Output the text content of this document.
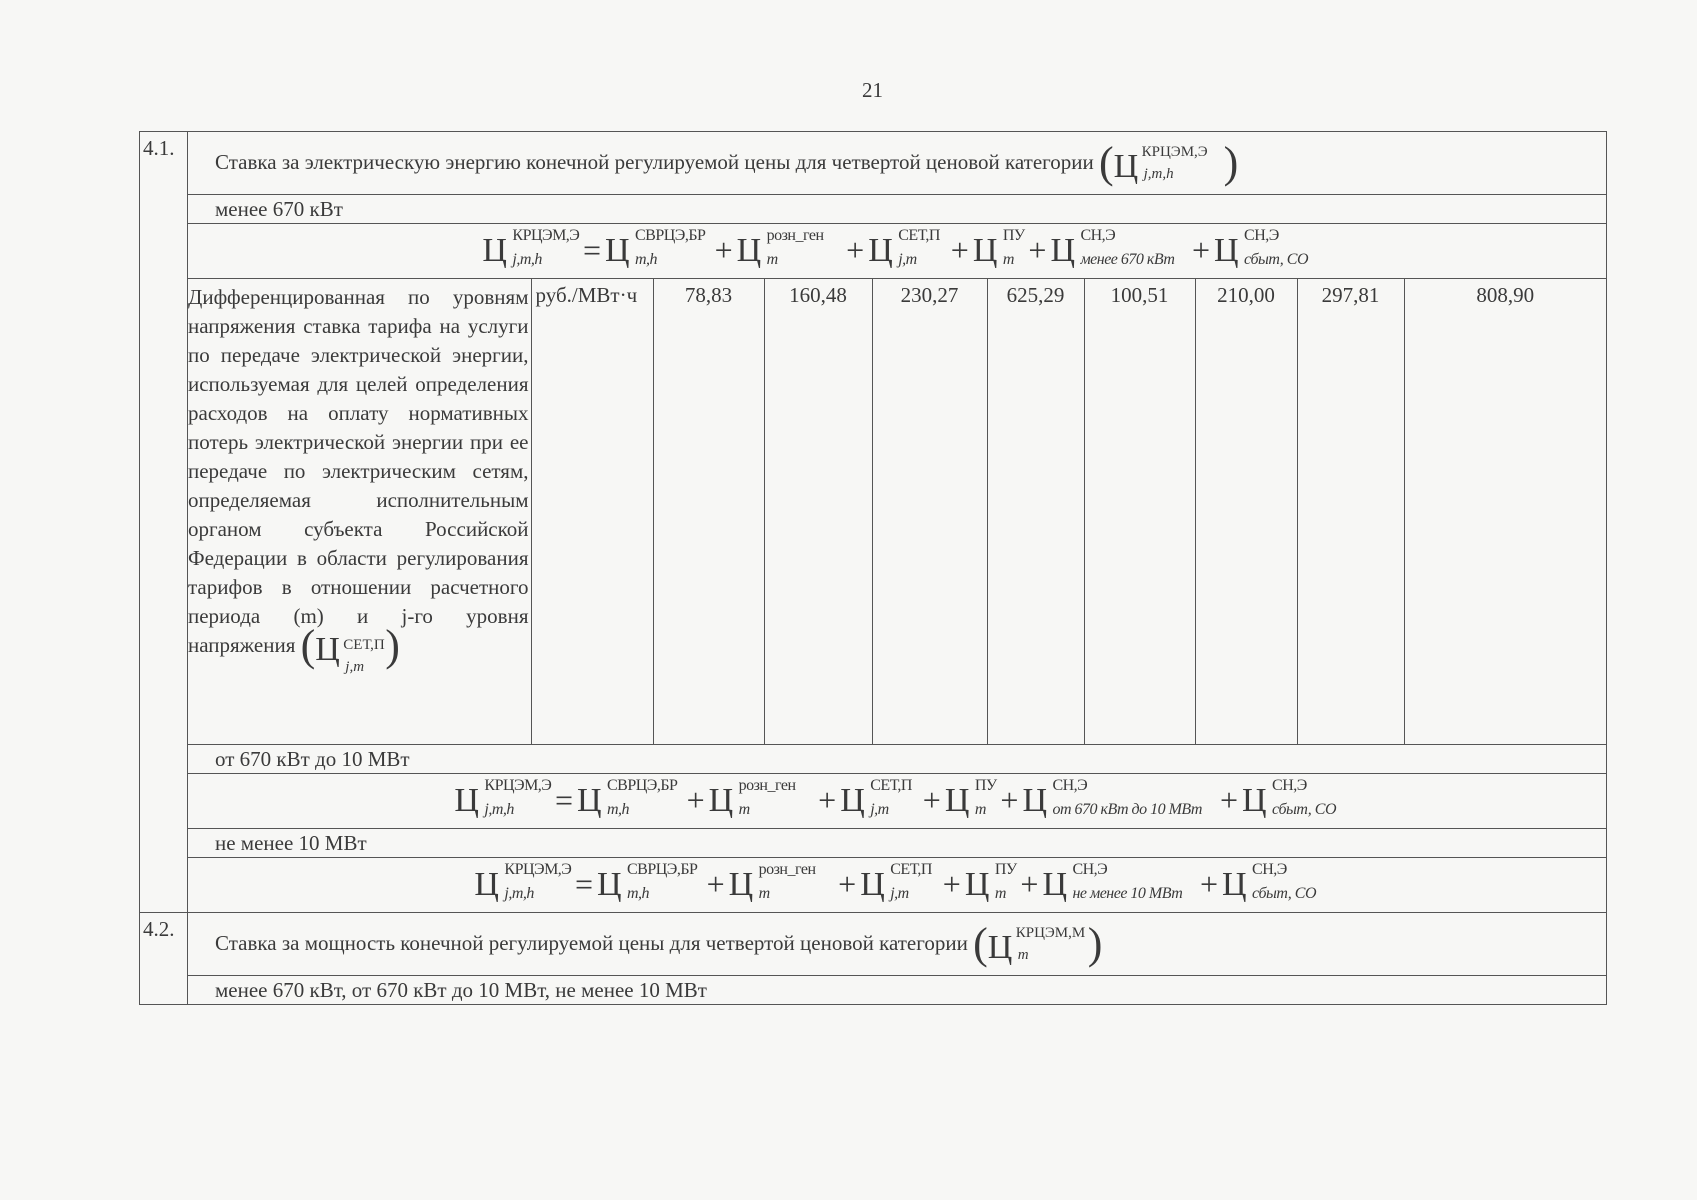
21
4.1.	
Ставка за электрическую энергию конечной регулируемой цены для четвертой ценовой категории (Ц КРЦЭМ,Э
j,m,h )

менее 670 кВт
Ц КРЦЭМ,Э
j,m,h = Ц СВРЦЭ,БР
m,h + Ц розн_ген
m + Ц СЕТ,П
j,m + Ц ПУ
m + Ц СН,Э
менее 670 кВт + Ц СН,Э
сбыт, СО

Дифференцированная по уровням напряжения ставка тарифа на услуги по передаче электрической энергии, используемая для целей определения расходов на оплату нормативных потерь электрической энергии при ее передаче по электрическим сетям, определяемая исполнительным органом субъекта Российской Федерации в области регулирования тарифов в отношении расчетного периода (m) и j-го уровня напряжения (Ц СЕТ,П
j,m )	руб./МВт·ч	78,83	160,48	230,27	625,29	100,51	210,00	297,81	808,90

от 670 кВт до 10 МВт
Ц КРЦЭМ,Э
j,m,h = Ц СВРЦЭ,БР
m,h + Ц розн_ген
m + Ц СЕТ,П
j,m + Ц ПУ
m + Ц СН,Э
от 670 кВт до 10 МВт + Ц СН,Э
сбыт, СО

не менее 10 МВт
Ц КРЦЭМ,Э
j,m,h = Ц СВРЦЭ,БР
m,h + Ц розн_ген
m + Ц СЕТ,П
j,m + Ц ПУ
m + Ц СН,Э
не менее 10 МВт + Ц СН,Э
сбыт, СО

4.2.	
Ставка за мощность конечной регулируемой цены для четвертой ценовой категории (Ц КРЦЭМ,М
m )

менее 670 кВт, от 670 кВт до 10 МВт, не менее 10 МВт
